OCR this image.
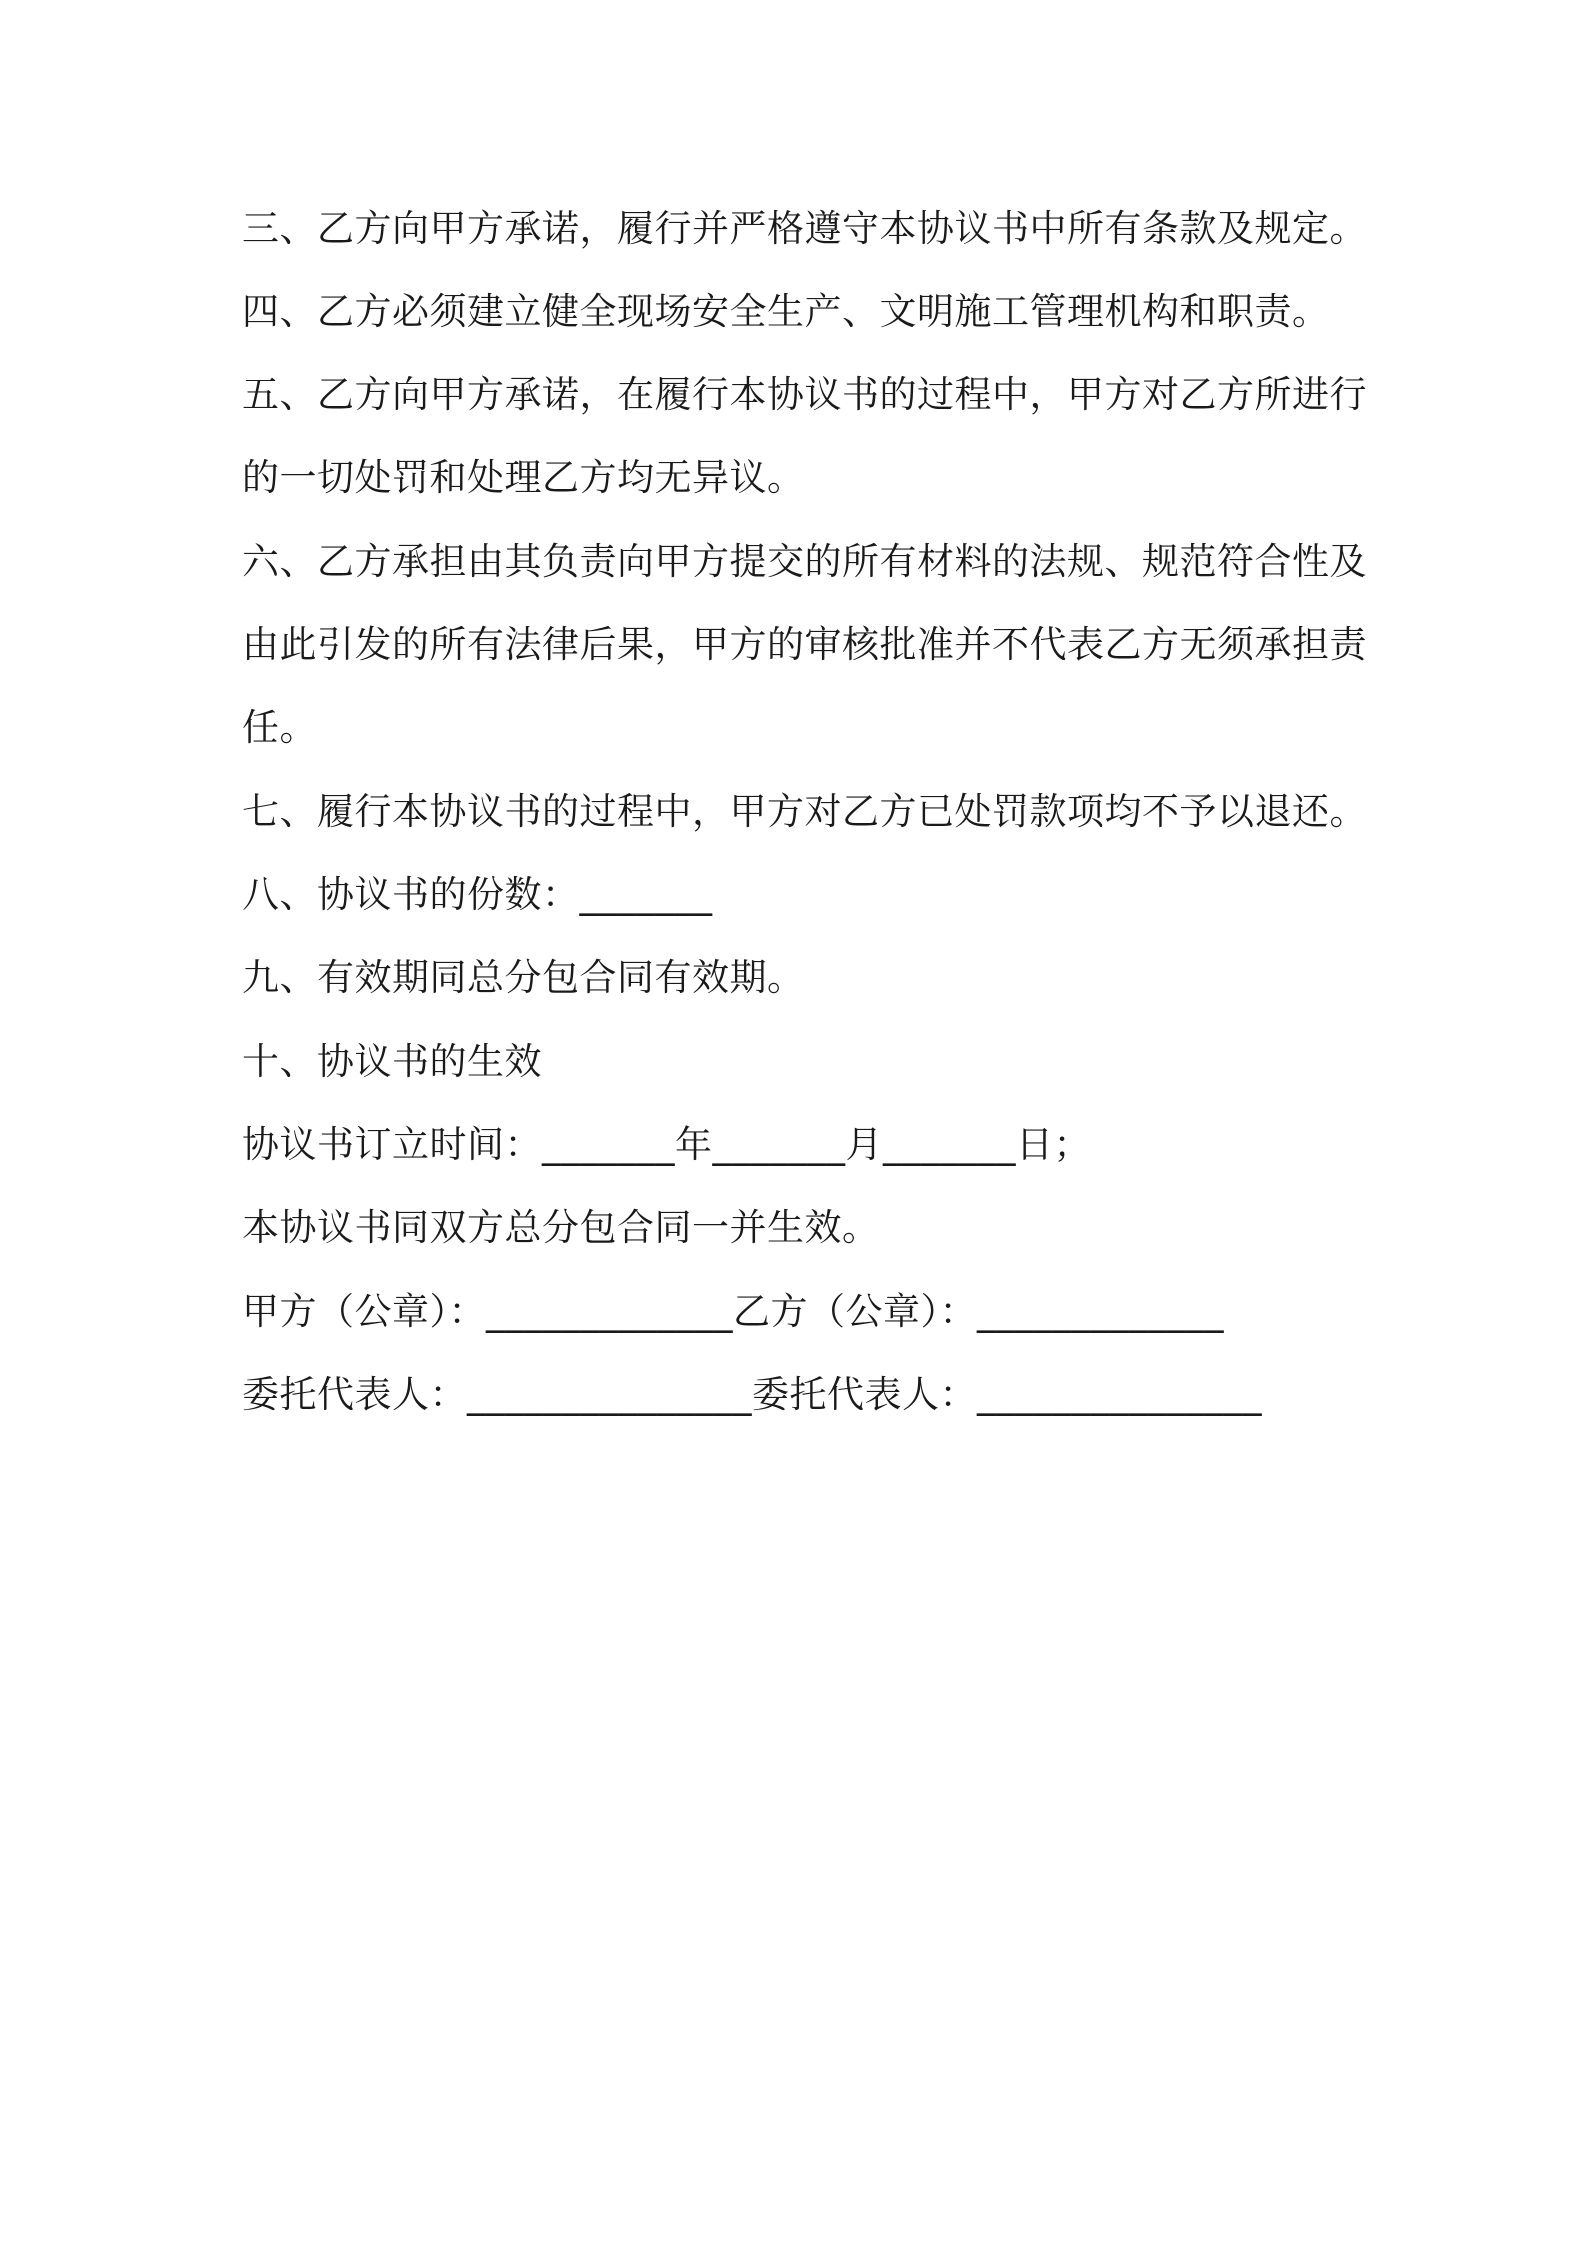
三、乙方向甲方承诺，履行并严格遵守本协议书中所有条款及规定。
四、乙方必须建立健全现场安全生产、文明施工管理机构和职责。
五、乙方向甲方承诺，在履行本协议书的过程中，甲方对乙方所进行
的一切处罚和处理乙方均无异议。
六、乙方承担由其负责向甲方提交的所有材料的法规、规范符合性及
由此引发的所有法律后果，甲方的审核批准并不代表乙方无须承担责
任。
七、履行本协议书的过程中，甲方对乙方已处罚款项均不予以退还。
八、协议书的份数：_______
九、有效期同总分包合同有效期。
十、协议书的生效
协议书订立时间：_______年_______月_______日；
本协议书同双方总分包合同一并生效。
甲方（公章）：_____________乙方（公章）：_____________
委托代表人：_______________委托代表人：_______________
